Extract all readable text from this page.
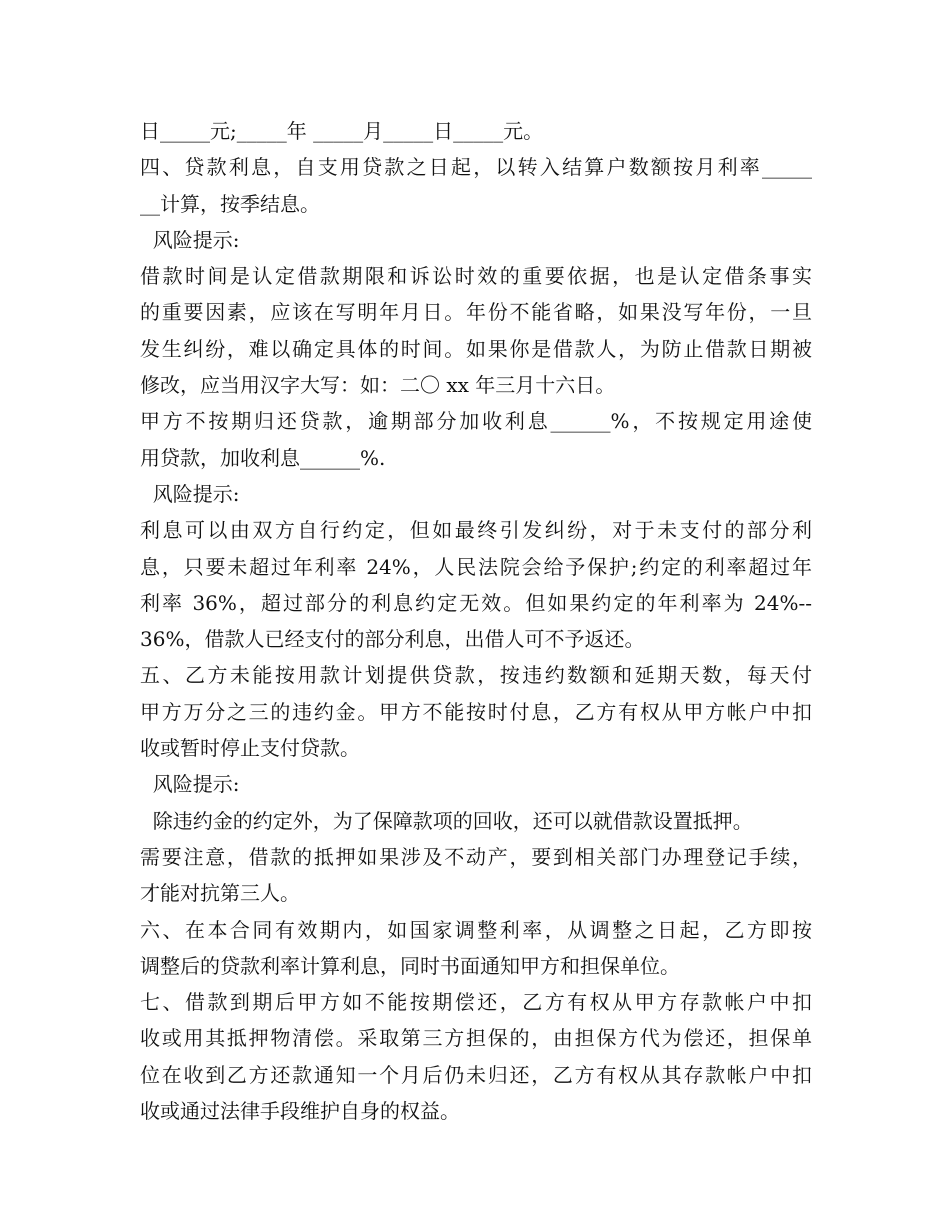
日_____元;_____年 _____月_____日_____元。
四、贷款利息，自支用贷款之日起，以转入结算户数额按月利率_____
__计算，按季结息。
风险提示:
借款时间是认定借款期限和诉讼时效的重要依据，也是认定借条事实
的重要因素，应该在写明年月日。年份不能省略，如果没写年份，一旦
发生纠纷，难以确定具体的时间。如果你是借款人，为防止借款日期被
修改，应当用汉字大写：如：二〇 xx 年三月十六日。
甲方不按期归还贷款，逾期部分加收利息______%，不按规定用途使
用贷款，加收利息______%.
风险提示:
利息可以由双方自行约定，但如最终引发纠纷，对于未支付的部分利
息，只要未超过年利率 24%，人民法院会给予保护;约定的利率超过年
利率 36%，超过部分的利息约定无效。但如果约定的年利率为 24%--
36%，借款人已经支付的部分利息，出借人可不予返还。
五、乙方未能按用款计划提供贷款，按违约数额和延期天数，每天付
甲方万分之三的违约金。甲方不能按时付息，乙方有权从甲方帐户中扣
收或暂时停止支付贷款。
风险提示:
除违约金的约定外，为了保障款项的回收，还可以就借款设置抵押。
需要注意，借款的抵押如果涉及不动产，要到相关部门办理登记手续，
才能对抗第三人。
六、在本合同有效期内，如国家调整利率，从调整之日起，乙方即按
调整后的贷款利率计算利息，同时书面通知甲方和担保单位。
七、借款到期后甲方如不能按期偿还，乙方有权从甲方存款帐户中扣
收或用其抵押物清偿。采取第三方担保的，由担保方代为偿还，担保单
位在收到乙方还款通知一个月后仍未归还，乙方有权从其存款帐户中扣
收或通过法律手段维护自身的权益。
